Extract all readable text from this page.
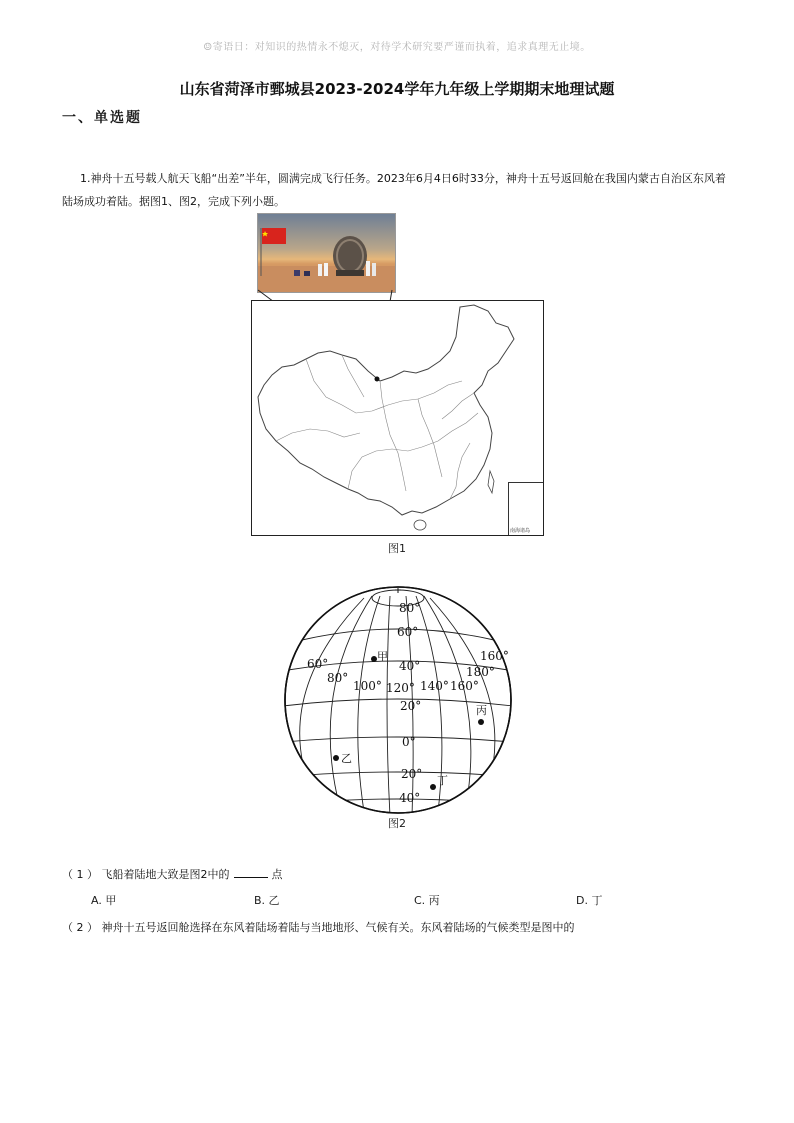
☺寄语日：对知识的热情永不熄灭，对待学术研究要严谨而执着，追求真理无止境。
山东省菏泽市鄄城县2023-2024学年九年级上学期期末地理试题
一、单选题
1.神舟十五号载人航天飞船“出差”半年，圆满完成飞行任务。2023年6月4日6时33分，神舟十五号返回舱在我国内蒙古自治区东风着
陆场成功着陆。据图1、图2，完成下列小题。
南海诸岛
图1
80°
60°
40°
20°
0°
20°
40°
60°
80°
100° 120° 140° 160°
180°
160°
甲
乙
丙
丁
图2
（ 1 ） 飞船着陆地大致是图2中的	点
A. 甲	B. 乙	C. 丙	D. 丁
（ 2 ） 神舟十五号返回舱选择在东风着陆场着陆与当地地形、气候有关。东风着陆场的气候类型是图中的
